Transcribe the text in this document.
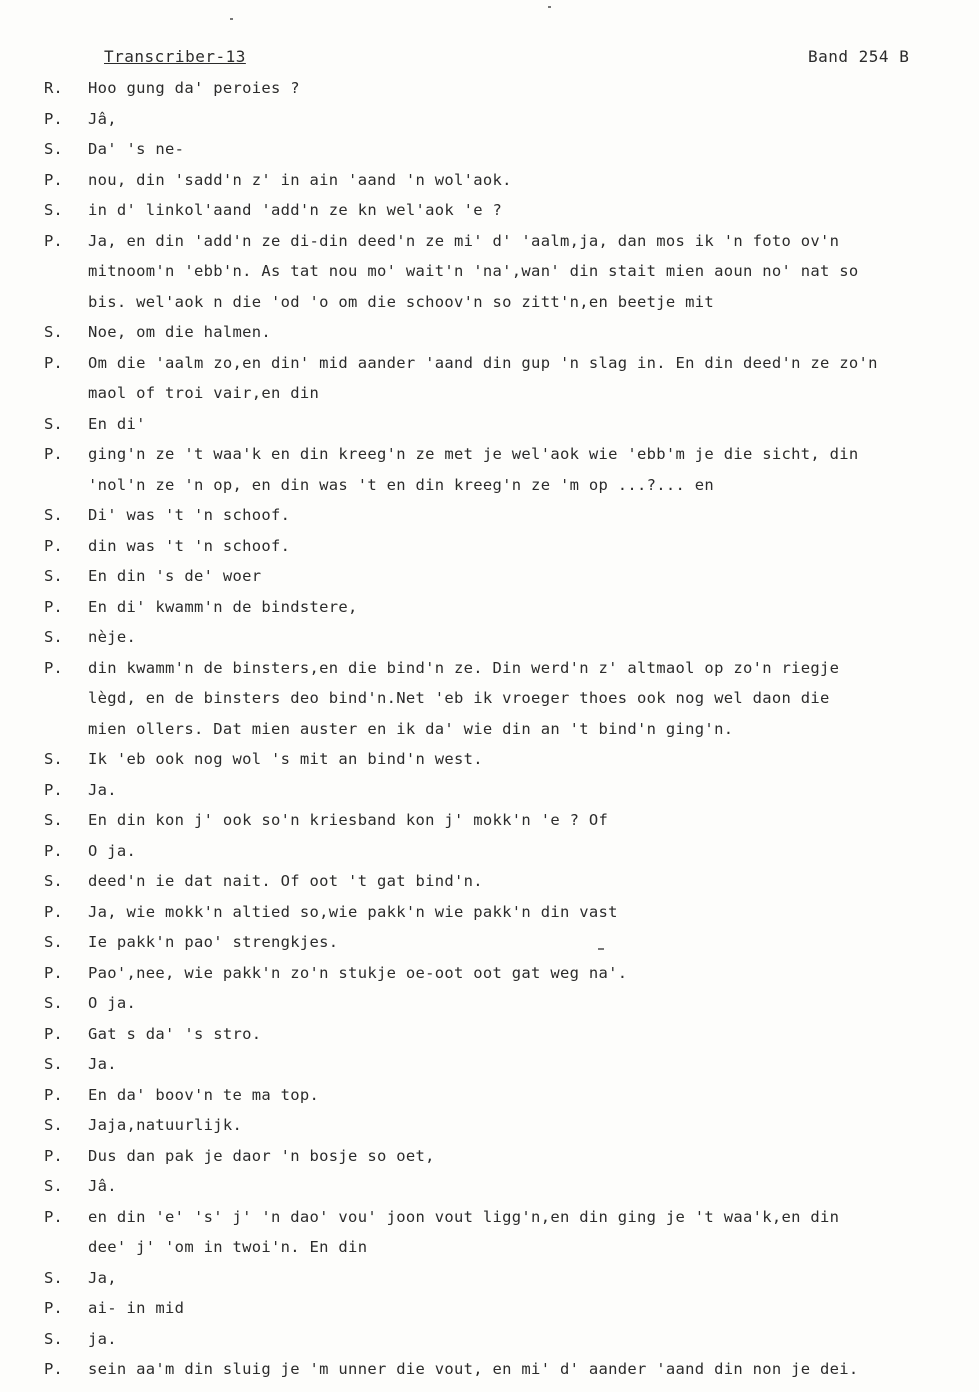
Transcriber-13	Band 254 B
R. Hoo gung da' peroies ?
P. Jâ,
S. Da' 's ne-
P. nou, din 'sadd'n z' in ain 'aand 'n wol'aok.
S. in d' linkol'aand 'add'n ze kn wel'aok 'e ?
P. Ja, en din 'add'n ze di-din deed'n ze mi' d' 'aalm,ja, dan mos ik 'n foto ov'n
mitnoom'n 'ebb'n. As tat nou mo' wait'n 'na',wan' din stait mien aoun no' nat so
bis. wel'aok n die 'od 'o om die schoov'n so zitt'n,en beetje mit
S. Noe, om die halmen.
P. Om die 'aalm zo,en din' mid aander 'aand din gup 'n slag in. En din deed'n ze zo'n
maol of troi vair,en din
S. En di'
P. ging'n ze 't waa'k en din kreeg'n ze met je wel'aok wie 'ebb'm je die sicht, din
'nol'n ze 'n op, en din was 't en din kreeg'n ze 'm op ...?... en
S. Di' was 't 'n schoof.
P. din was 't 'n schoof.
S. En din 's de' woer
P. En di' kwamm'n de bindstere,
S. nèje.
P. din kwamm'n de binsters,en die bind'n ze. Din werd'n z' altmaol op zo'n riegje
lègd, en de binsters deo bind'n.Net 'eb ik vroeger thoes ook nog wel daon die
mien ollers. Dat mien auster en ik da' wie din an 't bind'n ging'n.
S. Ik 'eb ook nog wol 's mit an bind'n west.
P. Ja.
S. En din kon j' ook so'n kriesband kon j' mokk'n 'e ? Of
P. O ja.
S. deed'n ie dat nait. Of oot 't gat bind'n.
P. Ja, wie mokk'n altied so,wie pakk'n wie pakk'n din vast
S. Ie pakk'n pao' strengkjes.
P. Pao',nee, wie pakk'n zo'n stukje oe-oot oot gat weg na'.
S. O ja.
P. Gat s da' 's stro.
S. Ja.
P. En da' boov'n te ma top.
S. Jaja,natuurlijk.
P. Dus dan pak je daor 'n bosje so oet,
S. Jâ.
P. en din 'e' 's' j' 'n dao' vou' joon vout ligg'n,en din ging je 't waa'k,en din
dee' j' 'om in twoi'n. En din
S. Ja,
P. ai- in mid
S. ja.
P. sein aa'm din sluig je 'm unner die vout, en mi' d' aander 'aand din non je dei.
